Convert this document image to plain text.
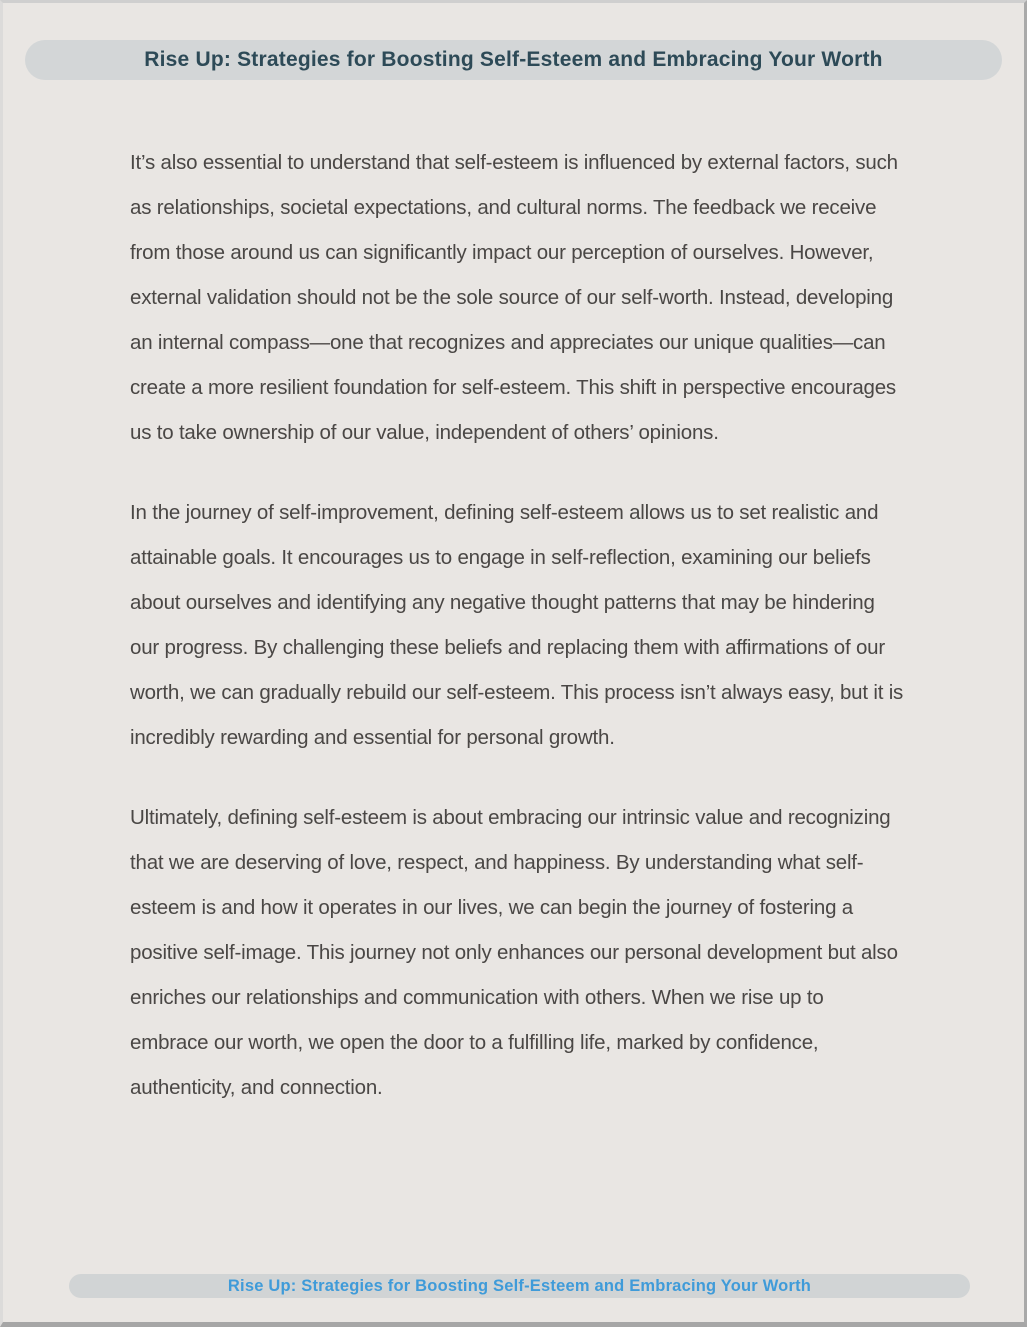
Rise Up: Strategies for Boosting Self-Esteem and Embracing Your Worth

It’s also essential to understand that self-esteem is influenced by external factors, such as relationships, societal expectations, and cultural norms. The feedback we receive from those around us can significantly impact our perception of ourselves. However, external validation should not be the sole source of our self-worth. Instead, developing an internal compass—one that recognizes and appreciates our unique qualities—can create a more resilient foundation for self-esteem. This shift in perspective encourages us to take ownership of our value, independent of others’ opinions.

In the journey of self-improvement, defining self-esteem allows us to set realistic and attainable goals. It encourages us to engage in self-reflection, examining our beliefs about ourselves and identifying any negative thought patterns that may be hindering our progress. By challenging these beliefs and replacing them with affirmations of our worth, we can gradually rebuild our self-esteem. This process isn’t always easy, but it is incredibly rewarding and essential for personal growth.

Ultimately, defining self-esteem is about embracing our intrinsic value and recognizing that we are deserving of love, respect, and happiness. By understanding what self-esteem is and how it operates in our lives, we can begin the journey of fostering a positive self-image. This journey not only enhances our personal development but also enriches our relationships and communication with others. When we rise up to embrace our worth, we open the door to a fulfilling life, marked by confidence, authenticity, and connection.

Rise Up: Strategies for Boosting Self-Esteem and Embracing Your Worth
